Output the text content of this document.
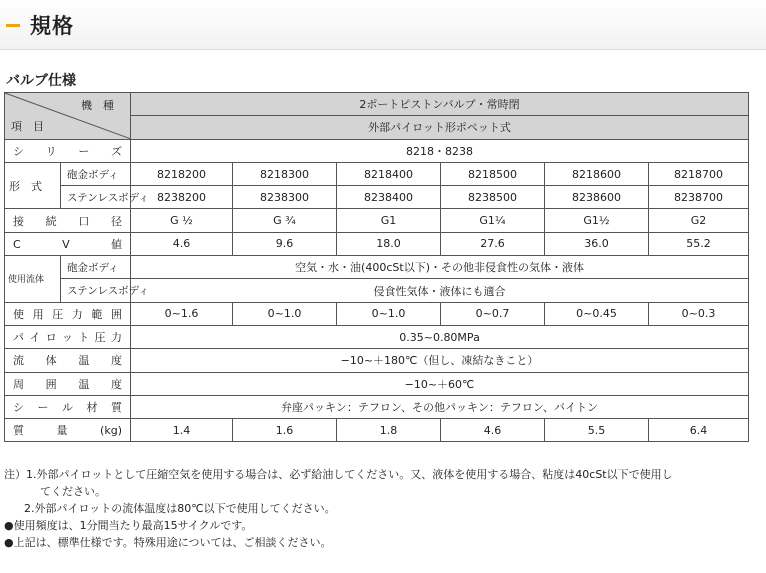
規格
バルブ仕様
機　種
項　目		2ポートピストンバルブ・常時閉					
		外部パイロット形ポペット式					
シ リ ー ズ		8218・8238					
形　式	砲金ボディ	8218200	8218300	8218400	8218500	8218600	8218700
	ステンレスボディ	8238200	8238300	8238400	8238500	8238600	8238700
接 続 口 径		G ½	G ¾	G1	G1¼	G1½	G2
C　V　値		4.6	9.6	18.0	27.6	36.0	55.2
使用流体	砲金ボディ	空気・水・油(400cSt以下)・その他非侵食性の気体・液体					
	ステンレスボディ	侵食性気体・液体にも適合					
使用圧力範囲		0~1.6	0~1.0	0~1.0	0~0.7	0~0.45	0~0.3
パイロット圧力		0.35~0.80MPa					
流 体 温 度		−10~＋180℃（但し、凍結なきこと）					
周 囲 温 度		−10~＋60℃					
シ ー ル 材 質		弁座パッキン：テフロン、その他パッキン：テフロン、バイトン					
質　量　(kg)		1.4	1.6	1.8	4.6	5.5	6.4
注）1.外部パイロットとして圧縮空気を使用する場合は、必ず給油してください。又、液体を使用する場合、粘度は40cSt以下で使用し
てください。
2.外部パイロットの流体温度は80℃以下で使用してください。
●使用頻度は、1分間当たり最高15サイクルです。
●上記は、標準仕様です。特殊用途については、ご相談ください。
